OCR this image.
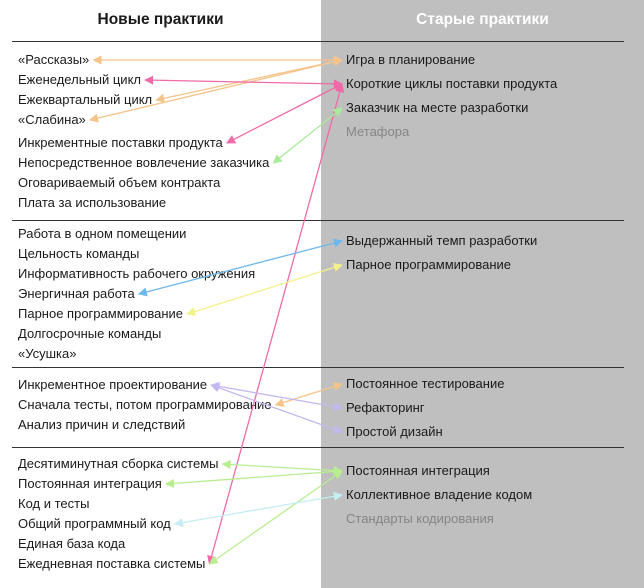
Новые практики	Старые практики
«Рассказы»
Еженедельный цикл
Ежеквартальный цикл
«Слабина»
Инкрементные поставки продукта
Непосредственное вовлечение заказчика
Оговариваемый объем контракта
Плата за использование
Работа в одном помещении
Цельность команды
Информативность рабочего окружения
Энергичная работа
Парное программирование
Долгосрочные команды
«Усушка»
Инкрементное проектирование
Сначала тесты, потом программирование
Анализ причин и следствий
Десятиминутная сборка системы
Постоянная интеграция
Код и тесты
Общий программный код
Единая база кода
Ежедневная поставка системы
Игра в планирование
Короткие циклы поставки продукта
Заказчик на месте разработки
Метафора
Выдержанный темп разработки
Парное программирование
Постоянное тестирование
Рефакторинг
Простой дизайн
Постоянная интеграция
Коллективное владение кодом
Стандарты кодирования
